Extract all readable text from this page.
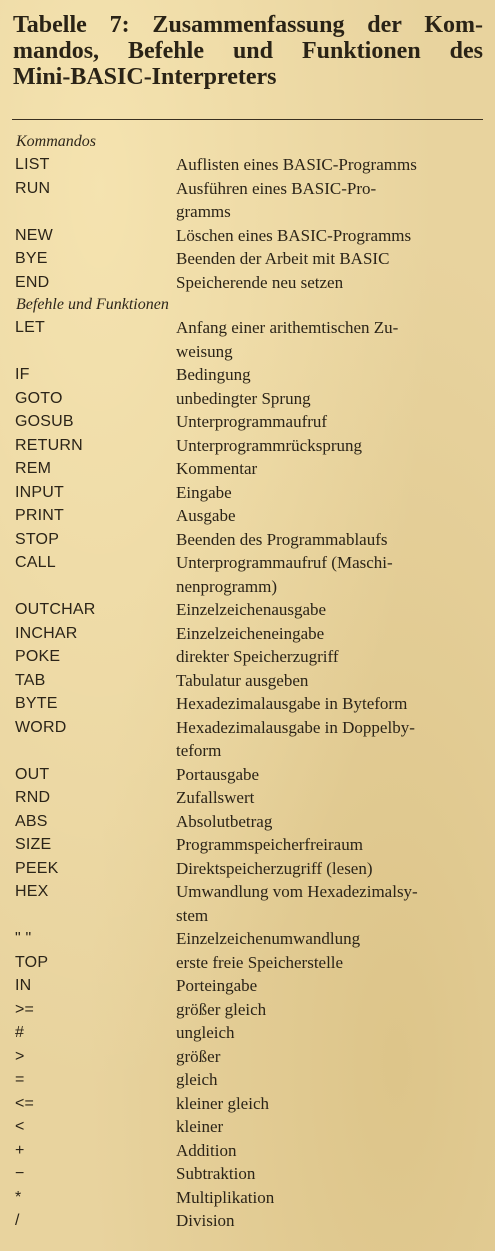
Tabelle 7: Zusammenfassung der Kom-
mandos, Befehle und Funktionen des
Mini-BASIC-Interpreters
Kommandos
LIST	Auflisten eines BASIC-Programms
RUN	Ausführen eines BASIC-Pro-
gramms
NEW	Löschen eines BASIC-Programms
BYE	Beenden der Arbeit mit BASIC
END	Speicherende neu setzen
Befehle und Funktionen
LET	Anfang einer arithemtischen Zu-
weisung
IF	Bedingung
GOTO	unbedingter Sprung
GOSUB	Unterprogrammaufruf
RETURN	Unterprogrammrücksprung
REM	Kommentar
INPUT	Eingabe
PRINT	Ausgabe
STOP	Beenden des Programmablaufs
CALL	Unterprogrammaufruf (Maschi-
nenprogramm)
OUTCHAR	Einzelzeichenausgabe
INCHAR	Einzelzeicheneingabe
POKE	direkter Speicherzugriff
TAB	Tabulatur ausgeben
BYTE	Hexadezimalausgabe in Byteform
WORD	Hexadezimalausgabe in Doppelby-
teform
OUT	Portausgabe
RND	Zufallswert
ABS	Absolutbetrag
SIZE	Programmspeicherfreiraum
PEEK	Direktspeicherzugriff (lesen)
HEX	Umwandlung vom Hexadezimalsy-
stem
" "	Einzelzeichenumwandlung
TOP	erste freie Speicherstelle
IN	Porteingabe
>=	größer gleich
#	ungleich
>	größer
=	gleich
<=	kleiner gleich
<	kleiner
+	Addition
−	Subtraktion
*	Multiplikation
/	Division
